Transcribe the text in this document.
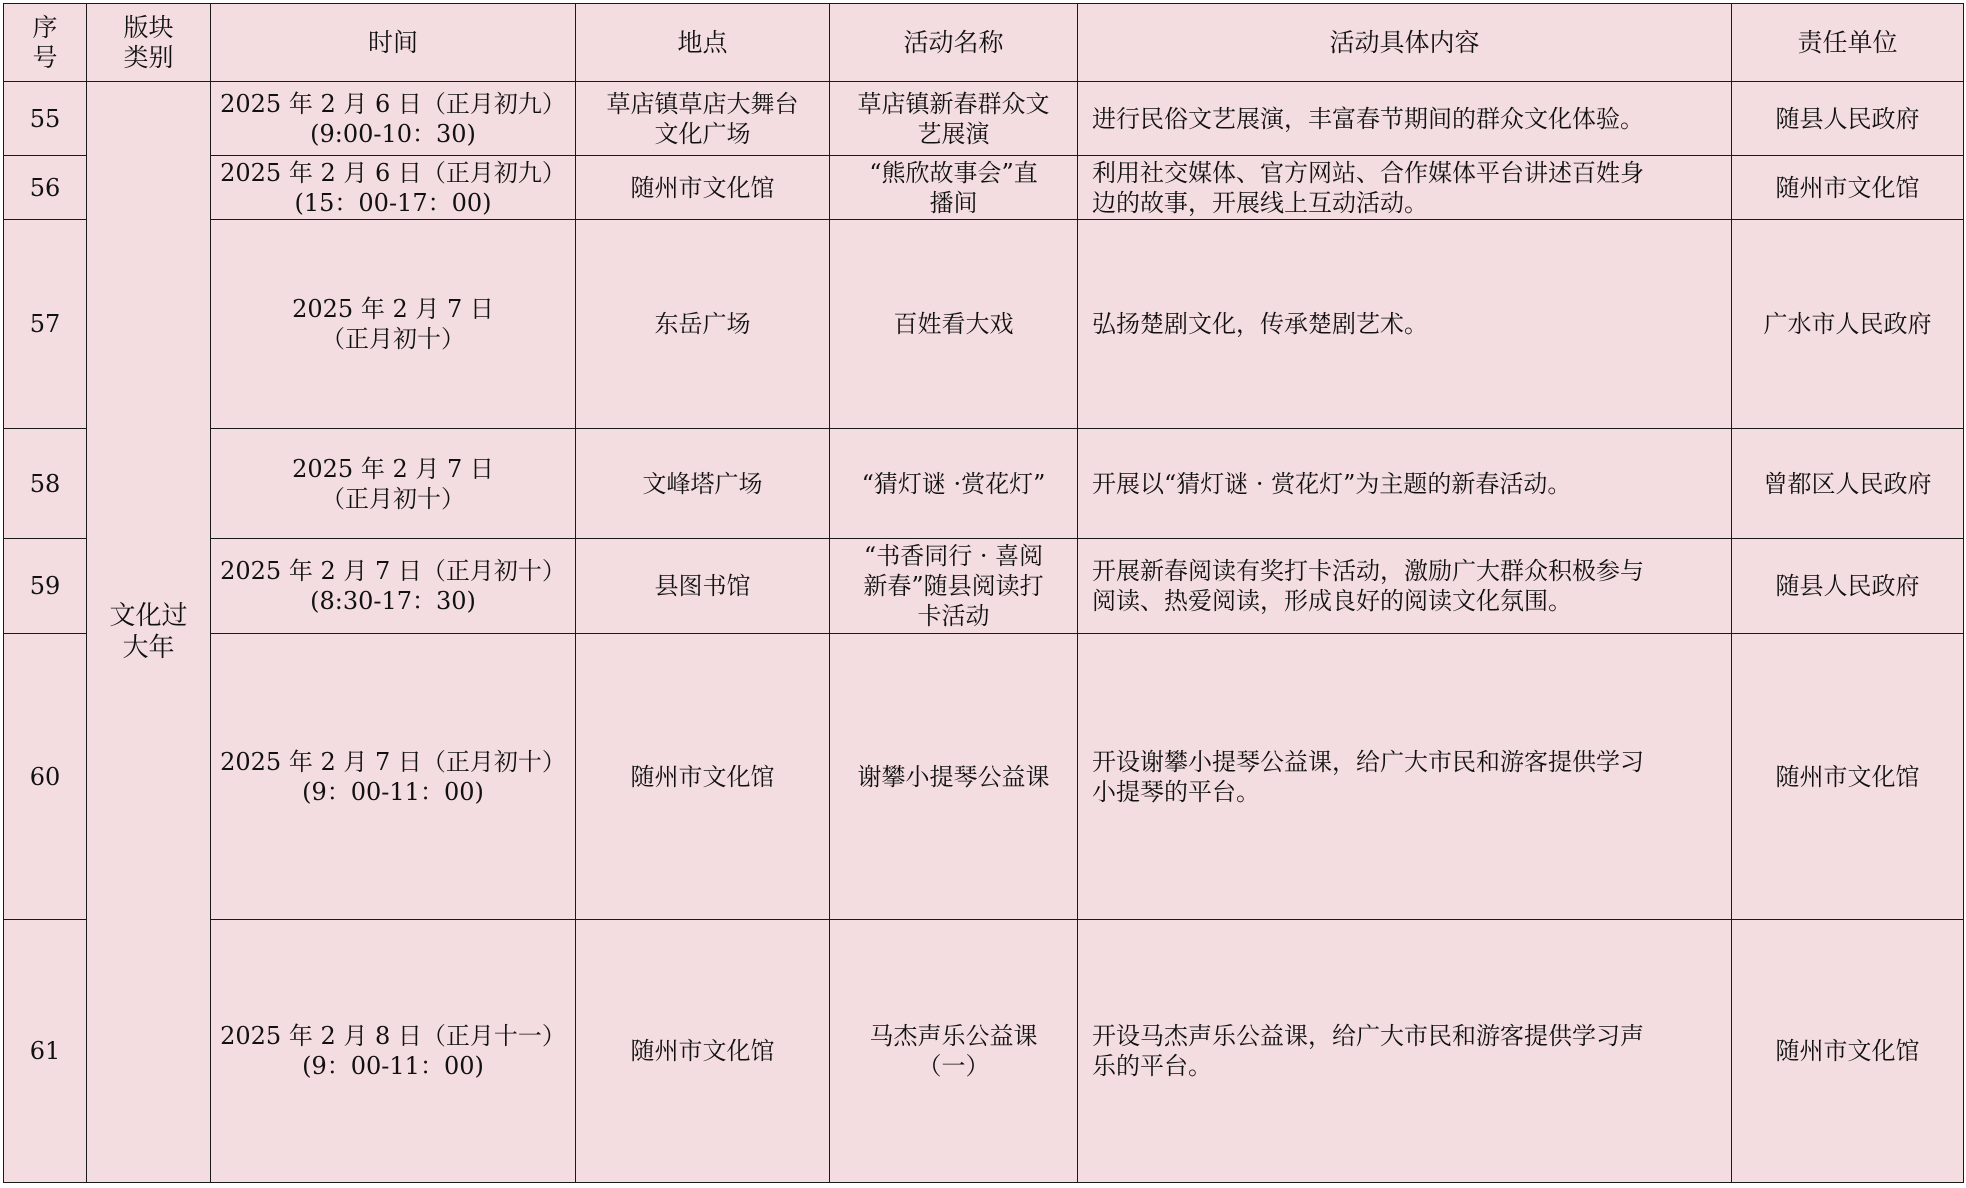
序
号	版块
类别	时间	地点	活动名称	活动具体内容	责任单位
55	文化过
大年	2025 年 2 月 6 日（正月初九）
(9:00-10：30)	草店镇草店大舞台
文化广场	草店镇新春群众文
艺展演	进行民俗文艺展演，丰富春节期间的群众文化体验。	随县人民政府
56		2025 年 2 月 6 日（正月初九）
(15：00-17：00)	随州市文化馆	“熊欣故事会”直
播间	利用社交媒体、官方网站、合作媒体平台讲述百姓身
边的故事，开展线上互动活动。	随州市文化馆
57		2025 年 2 月 7 日
（正月初十）	东岳广场	百姓看大戏	弘扬楚剧文化，传承楚剧艺术。	广水市人民政府
58		2025 年 2 月 7 日
（正月初十）	文峰塔广场	“猜灯谜 ·赏花灯”	开展以“猜灯谜 · 赏花灯”为主题的新春活动。	曾都区人民政府
59		2025 年 2 月 7 日（正月初十）
(8:30-17：30)	县图书馆	“书香同行 · 喜阅
新春”随县阅读打
卡活动	开展新春阅读有奖打卡活动，激励广大群众积极参与
阅读、热爱阅读，形成良好的阅读文化氛围。	随县人民政府
60		2025 年 2 月 7 日（正月初十）
(9：00-11：00)	随州市文化馆	谢攀小提琴公益课	开设谢攀小提琴公益课，给广大市民和游客提供学习
小提琴的平台。	随州市文化馆
61		2025 年 2 月 8 日（正月十一）
(9：00-11：00)	随州市文化馆	马杰声乐公益课
（一）	开设马杰声乐公益课，给广大市民和游客提供学习声
乐的平台。	随州市文化馆
